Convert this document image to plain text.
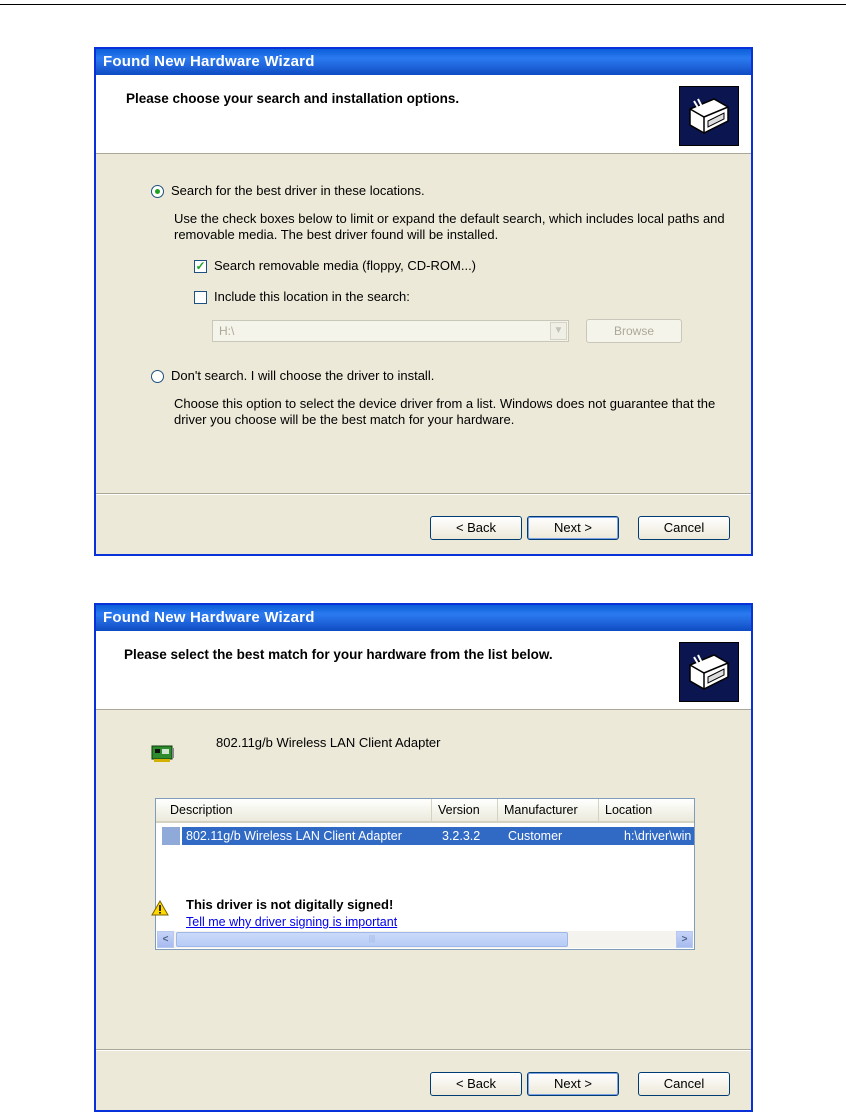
Found New Hardware Wizard
Please choose your search and installation options.
Search for the best driver in these locations.
Use the check boxes below to limit or expand the default search, which includes local paths and removable media. The best driver found will be installed.
✓ Search removable media (floppy, CD-ROM...)
Include this location in the search:
H:\	▼	Browse
Don't search. I will choose the driver to install.
Choose this option to select the device driver from a list. Windows does not guarantee that the driver you choose will be the best match for your hardware.
< Back	Next >	Cancel
Found New Hardware Wizard
Please select the best match for your hardware from the list below.
802.11g/b Wireless LAN Client Adapter
Description	Version	Manufacturer	Location
802.11g/b Wireless LAN Client Adapter	3.2.3.2	Customer	h:\driver\win
<	|||	>
This driver is not digitally signed!
Tell me why driver signing is important
< Back	Next >	Cancel
